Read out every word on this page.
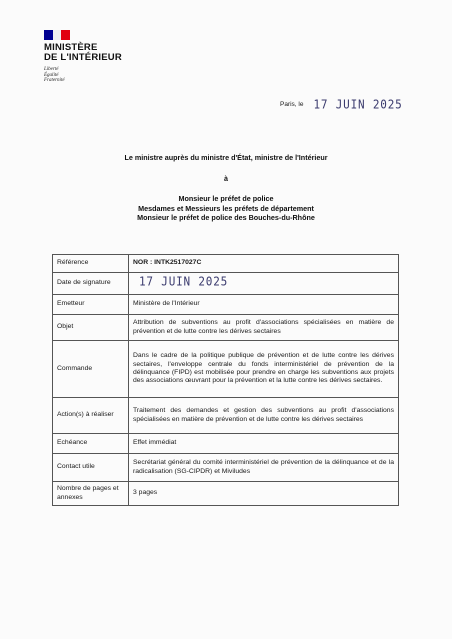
MINISTÈRE
DE L'INTÉRIEUR
Liberté
Égalité
Fraternité
Paris, le 17 JUIN 2025
Le ministre auprès du ministre d'État, ministre de l'Intérieur
à
Monsieur le préfet de police
Mesdames et Messieurs les préfets de département
Monsieur le préfet de police des Bouches-du-Rhône
Référence	NOR : INTK2517027C
Date de signature	17 JUIN 2025
Emetteur	Ministère de l'Intérieur
Objet	Attribution de subventions au profit d'associations spécialisées en matière de prévention et de lutte contre les dérives sectaires
Commande	Dans le cadre de la politique publique de prévention et de lutte contre les dérives sectaires, l'enveloppe centrale du fonds interministériel de prévention de la délinquance (FIPD) est mobilisée pour prendre en charge les subventions aux projets des associations œuvrant pour la prévention et la lutte contre les dérives sectaires.
Action(s) à réaliser	Traitement des demandes et gestion des subventions au profit d'associations spécialisées en matière de prévention et de lutte contre les dérives sectaires
Echéance	Effet immédiat
Contact utile	Secrétariat général du comité interministériel de prévention de la délinquance et de la radicalisation (SG-CIPDR) et Miviludes
Nombre de pages et annexes	3 pages
